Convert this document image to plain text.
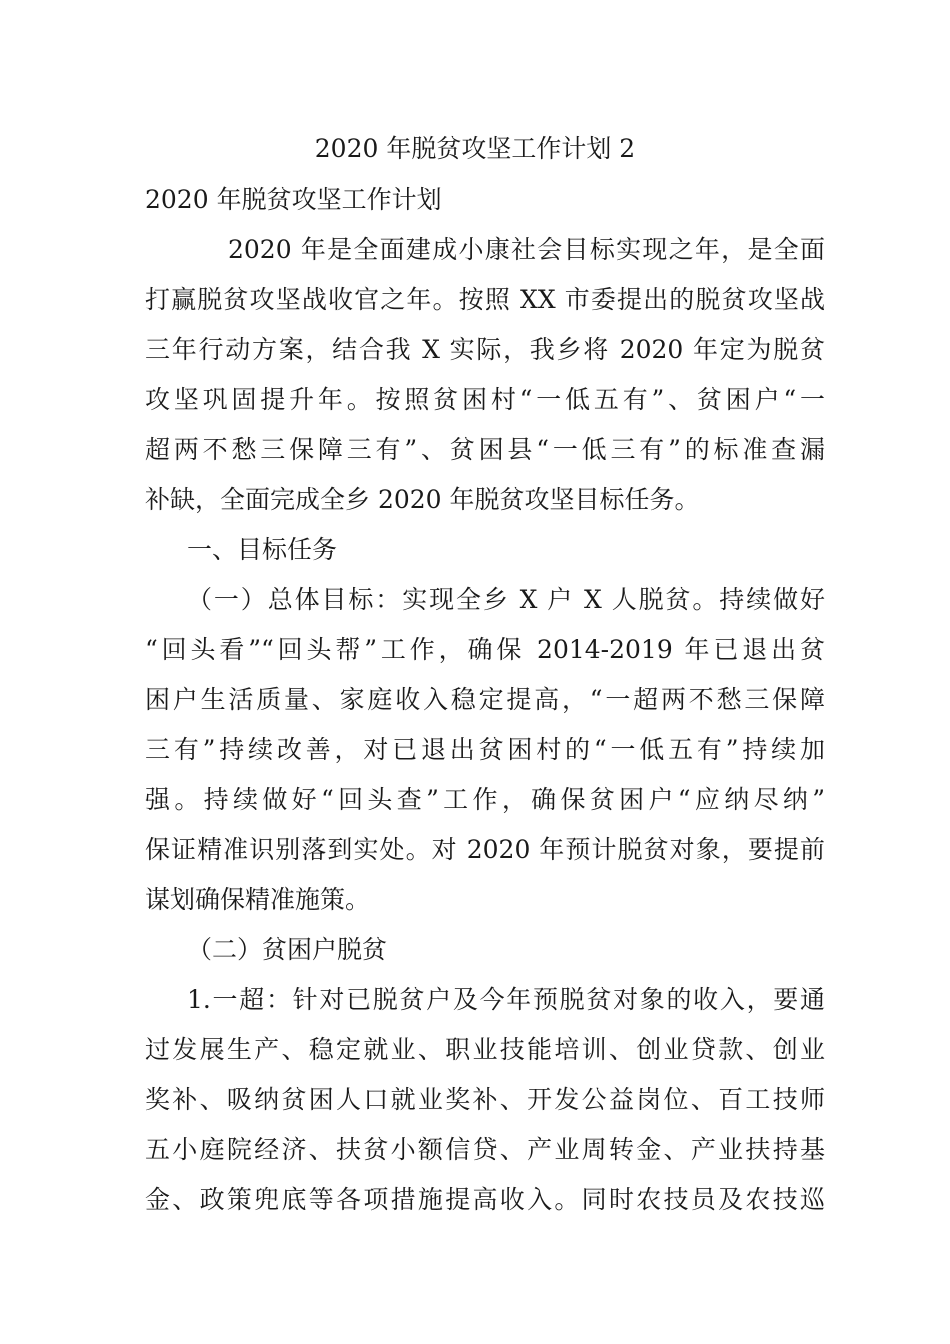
2020 年脱贫攻坚工作计划 2
2020 年脱贫攻坚工作计划
2020 年是全面建成小康社会目标实现之年，是全面
打赢脱贫攻坚战收官之年。按照 XX 市委提出的脱贫攻坚战
三年行动方案，结合我 X 实际，我乡将 2020 年定为脱贫
攻坚巩固提升年。按照贫困村“一低五有”、贫困户“一
超两不愁三保障三有”、贫困县“一低三有”的标准查漏
补缺，全面完成全乡 2020 年脱贫攻坚目标任务。
一、目标任务
（一）总体目标：实现全乡 X 户 X 人脱贫。持续做好
“回头看”“回头帮”工作，确保 2014-2019 年已退出贫
困户生活质量、家庭收入稳定提高，“一超两不愁三保障
三有”持续改善，对已退出贫困村的“一低五有”持续加
强。持续做好“回头查”工作，确保贫困户“应纳尽纳”
保证精准识别落到实处。对 2020 年预计脱贫对象，要提前
谋划确保精准施策。
（二）贫困户脱贫
1.一超：针对已脱贫户及今年预脱贫对象的收入，要通
过发展生产、稳定就业、职业技能培训、创业贷款、创业
奖补、吸纳贫困人口就业奖补、开发公益岗位、百工技师
五小庭院经济、扶贫小额信贷、产业周转金、产业扶持基
金、政策兜底等各项措施提高收入。同时农技员及农技巡
